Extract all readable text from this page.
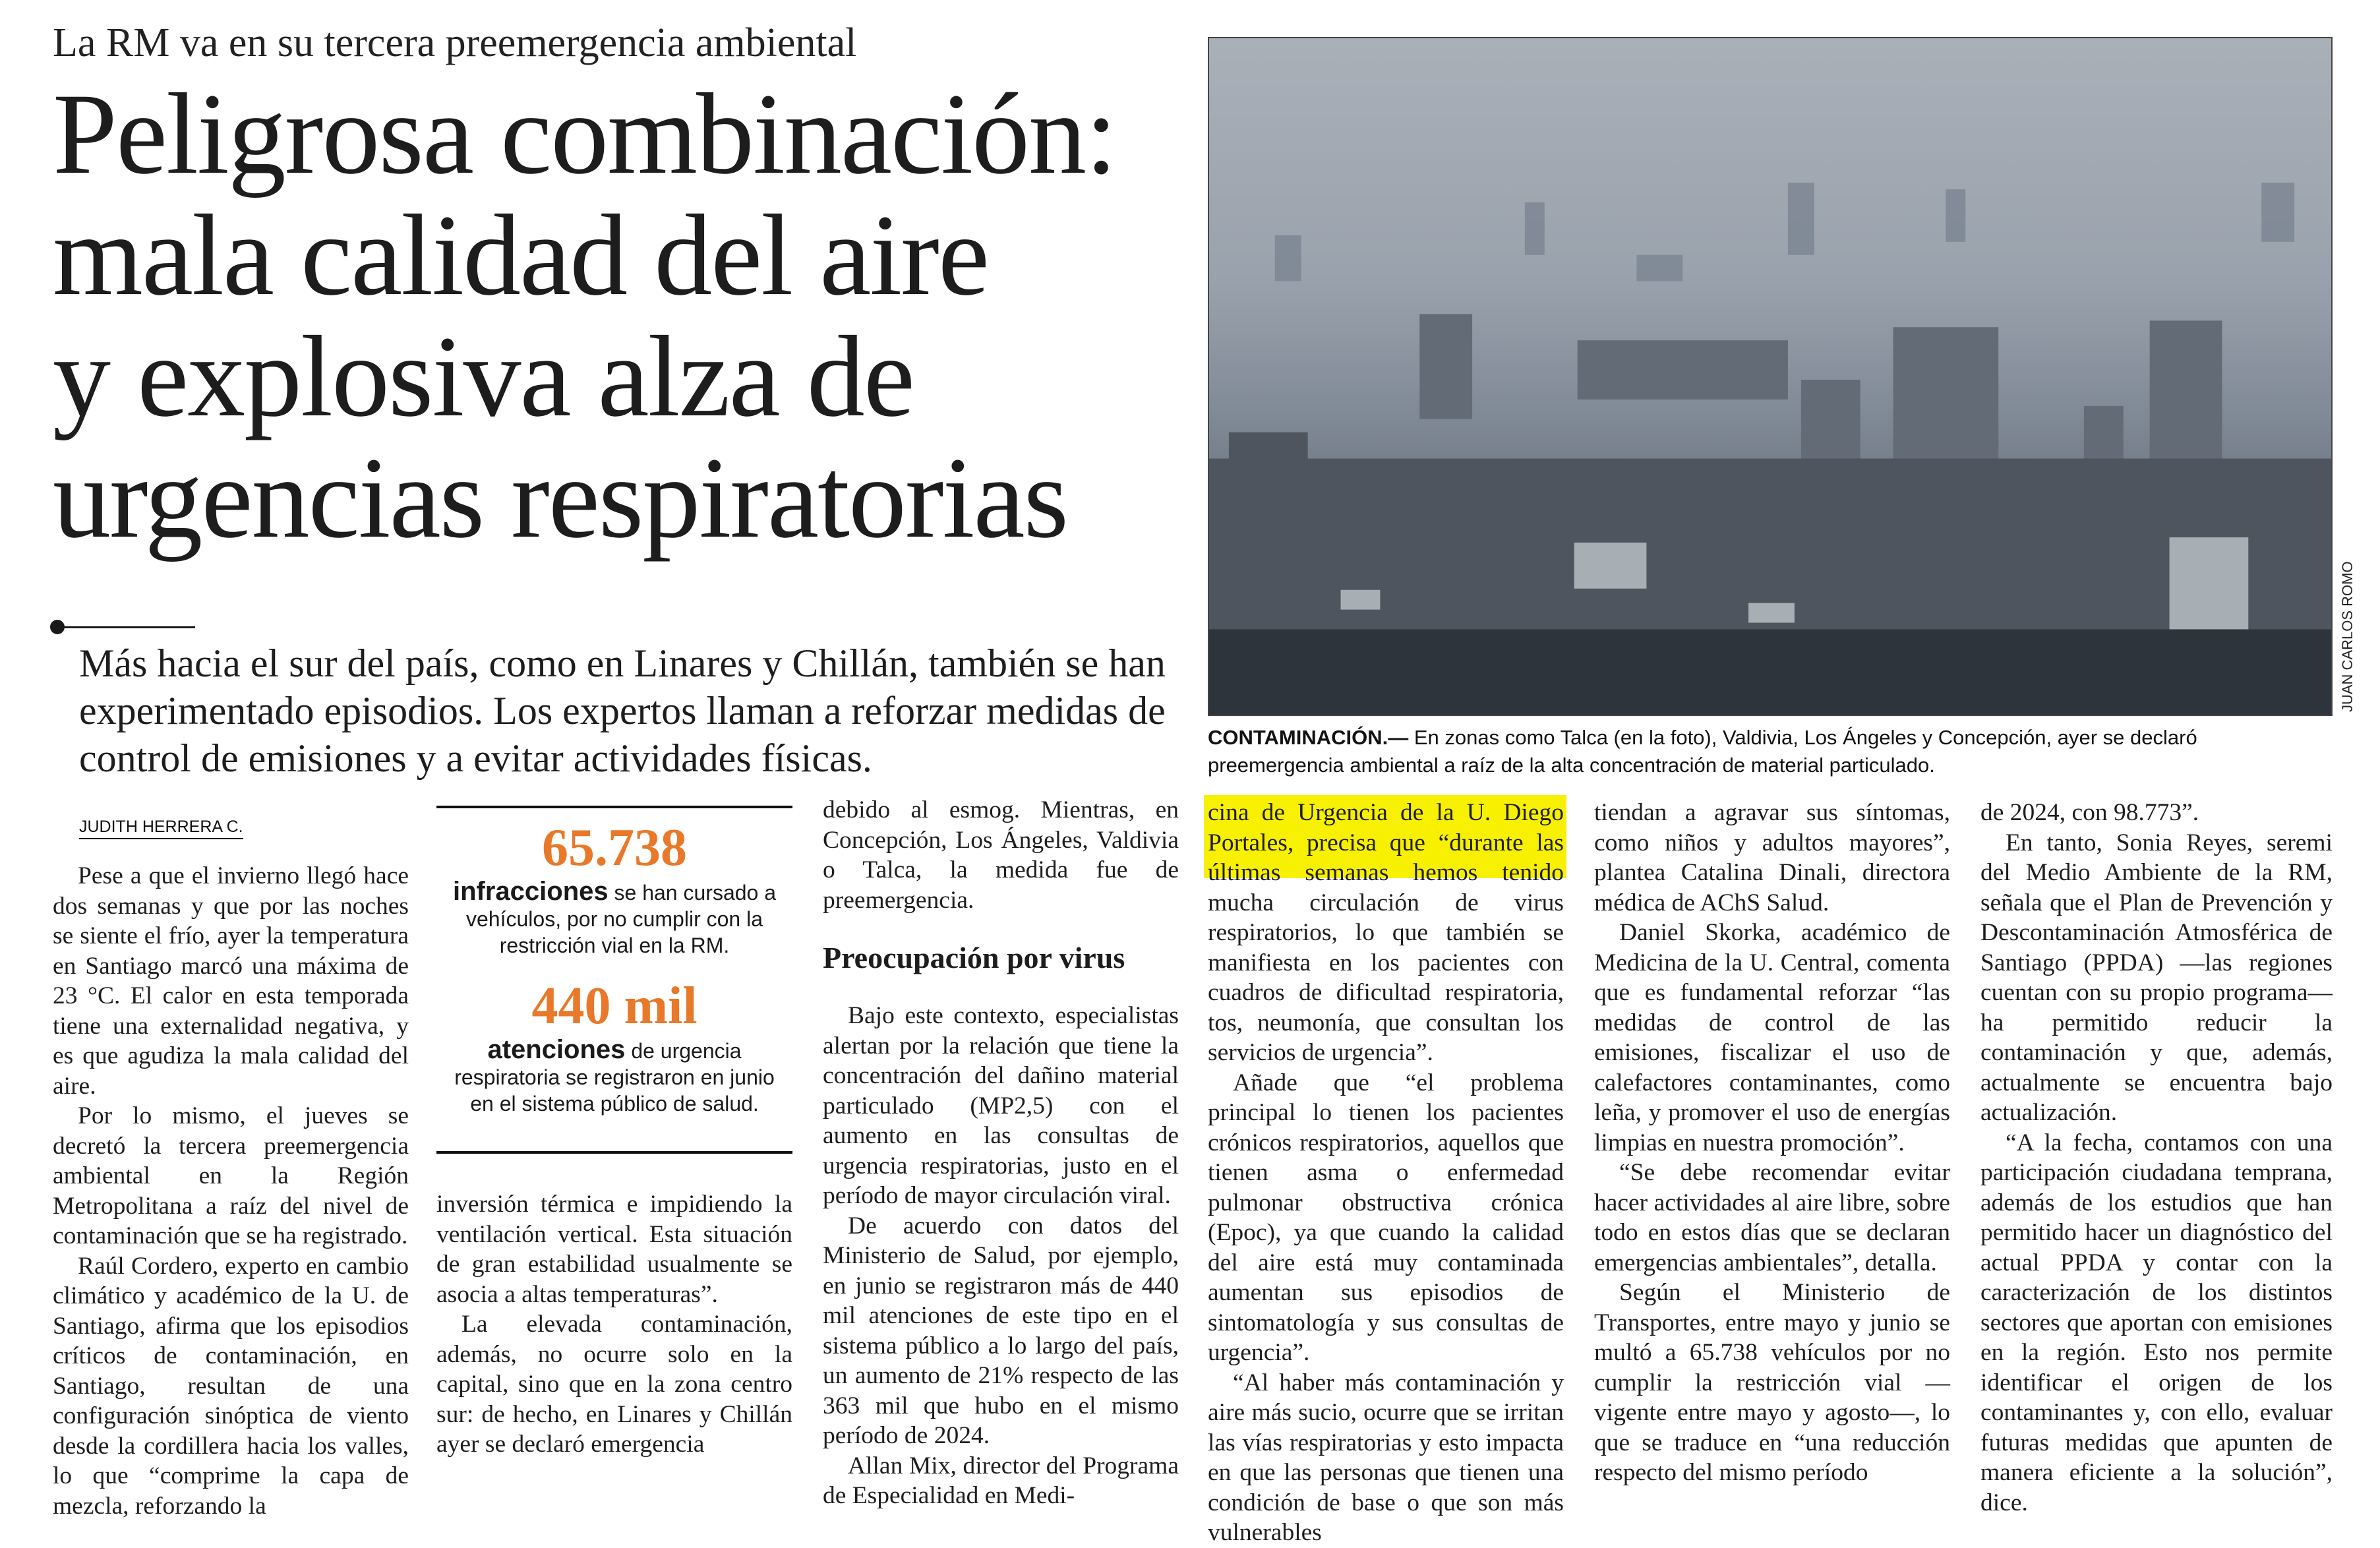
La RM va en su tercera preemergencia ambiental
Peligrosa combinación:
mala calidad del aire
y explosiva alza de
urgencias respiratorias

Más hacia el sur del país, como en Linares y Chillán, también se han experimentado episodios. Los expertos llaman a reforzar medidas de control de emisiones y a evitar actividades físicas.

JUAN CARLOS ROMO
CONTAMINACIÓN.— En zonas como Talca (en la foto), Valdivia, Los Ángeles y Concepción, ayer se declaró preemergencia ambiental a raíz de la alta concentración de material particulado.
JUDITH HERRERA C.

Pese a que el invierno llegó hace dos semanas y que por las noches se siente el frío, ayer la temperatura en Santiago marcó una máxima de 23 °C. El calor en esta temporada tiene una externalidad negativa, y es que agudiza la mala calidad del aire.

Por lo mismo, el jueves se decretó la tercera preemergencia ambiental en la Región Metropolitana a raíz del nivel de contaminación que se ha registrado.

Raúl Cordero, experto en cambio climático y académico de la U. de Santiago, afirma que los episodios críticos de contaminación, en Santiago, resultan de una configuración sinóptica de viento desde la cordillera hacia los valles, lo que “comprime la capa de mezcla, reforzando la

65.738
infracciones se han cursado a vehículos, por no cumplir con la restricción vial en la RM.
440 mil
atenciones de urgencia respiratoria se registraron en junio en el sistema público de salud.

inversión térmica e impidiendo la ventilación vertical. Esta situación de gran estabilidad usualmente se asocia a altas temperaturas”.

La elevada contaminación, además, no ocurre solo en la capital, sino que en la zona centro sur: de hecho, en Linares y Chillán ayer se declaró emergencia

debido al esmog. Mientras, en Concepción, Los Ángeles, Valdivia o Talca, la medida fue de preemergencia.

Preocupación por virus

Bajo este contexto, especialistas alertan por la relación que tiene la concentración del dañino material particulado (MP2,5) con el aumento en las consultas de urgencia respiratorias, justo en el período de mayor circulación viral.

De acuerdo con datos del Ministerio de Salud, por ejemplo, en junio se registraron más de 440 mil atenciones de este tipo en el sistema público a lo largo del país, un aumento de 21% respecto de las 363 mil que hubo en el mismo período de 2024.

Allan Mix, director del Programa de Especialidad en Medi-

cina de Urgencia de la U. Diego Portales, precisa que “durante las últimas semanas hemos tenido mucha circulación de virus respiratorios, lo que también se manifiesta en los pacientes con cuadros de dificultad respiratoria, tos, neumonía, que consultan los servicios de urgencia”.

Añade que “el problema principal lo tienen los pacientes crónicos respiratorios, aquellos que tienen asma o enfermedad pulmonar obstructiva crónica (Epoc), ya que cuando la calidad del aire está muy contaminada aumentan sus episodios de sintomatología y sus consultas de urgencia”.

“Al haber más contaminación y aire más sucio, ocurre que se irritan las vías respiratorias y esto impacta en que las personas que tienen una condición de base o que son más vulnerables

tiendan a agravar sus síntomas, como niños y adultos mayores”, plantea Catalina Dinali, directora médica de AChS Salud.

Daniel Skorka, académico de Medicina de la U. Central, comenta que es fundamental reforzar “las medidas de control de las emisiones, fiscalizar el uso de calefactores contaminantes, como leña, y promover el uso de energías limpias en nuestra promoción”.

“Se debe recomendar evitar hacer actividades al aire libre, sobre todo en estos días que se declaran emergencias ambientales”, detalla.

Según el Ministerio de Transportes, entre mayo y junio se multó a 65.738 vehículos por no cumplir la restricción vial —vigente entre mayo y agosto—, lo que se traduce en “una reducción respecto del mismo período

de 2024, con 98.773”.

En tanto, Sonia Reyes, seremi del Medio Ambiente de la RM, señala que el Plan de Prevención y Descontaminación Atmosférica de Santiago (PPDA) —las regiones cuentan con su propio programa— ha permitido reducir la contaminación y que, además, actualmente se encuentra bajo actualización.

“A la fecha, contamos con una participación ciudadana temprana, además de los estudios que han permitido hacer un diagnóstico del actual PPDA y contar con la caracterización de los distintos sectores que aportan con emisiones en la región. Esto nos permite identificar el origen de los contaminantes y, con ello, evaluar futuras medidas que apunten de manera eficiente a la solución”, dice.
